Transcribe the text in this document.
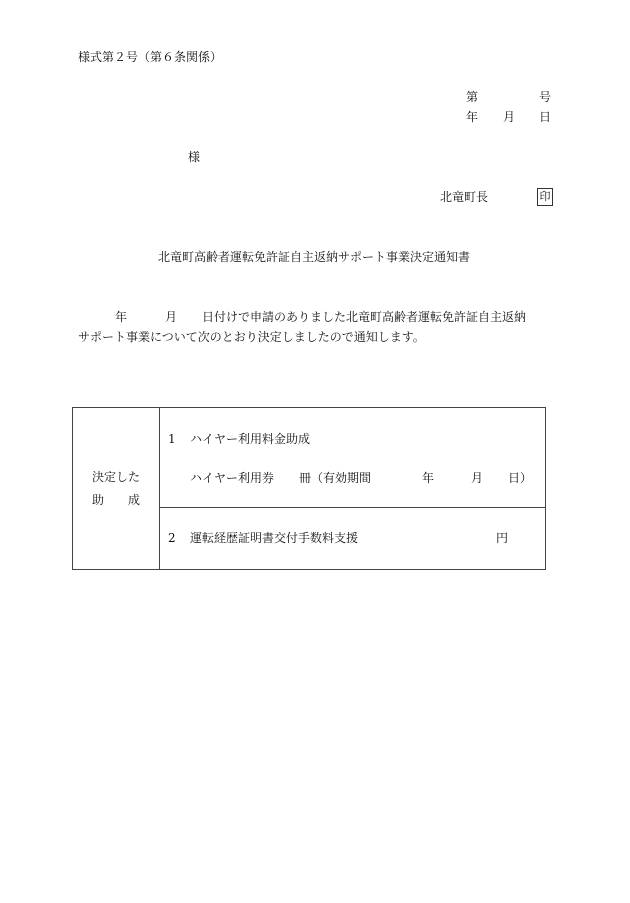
様式第２号（第６条関係）
第	号
年 月 日
様
北竜町長	印
北竜町高齢者運転免許証自主返納サポート事業決定通知書
年	月 日付けで申請のありました北竜町高齢者運転免許証自主返納
サポート事業について次のとおり決定しましたので通知します。
決定した
助 成

1 ハイヤー利用料金助成
ハイヤー利用券 冊（有効期間	年	月 日）

2 運転経歴証明書交付手数料支援	円
